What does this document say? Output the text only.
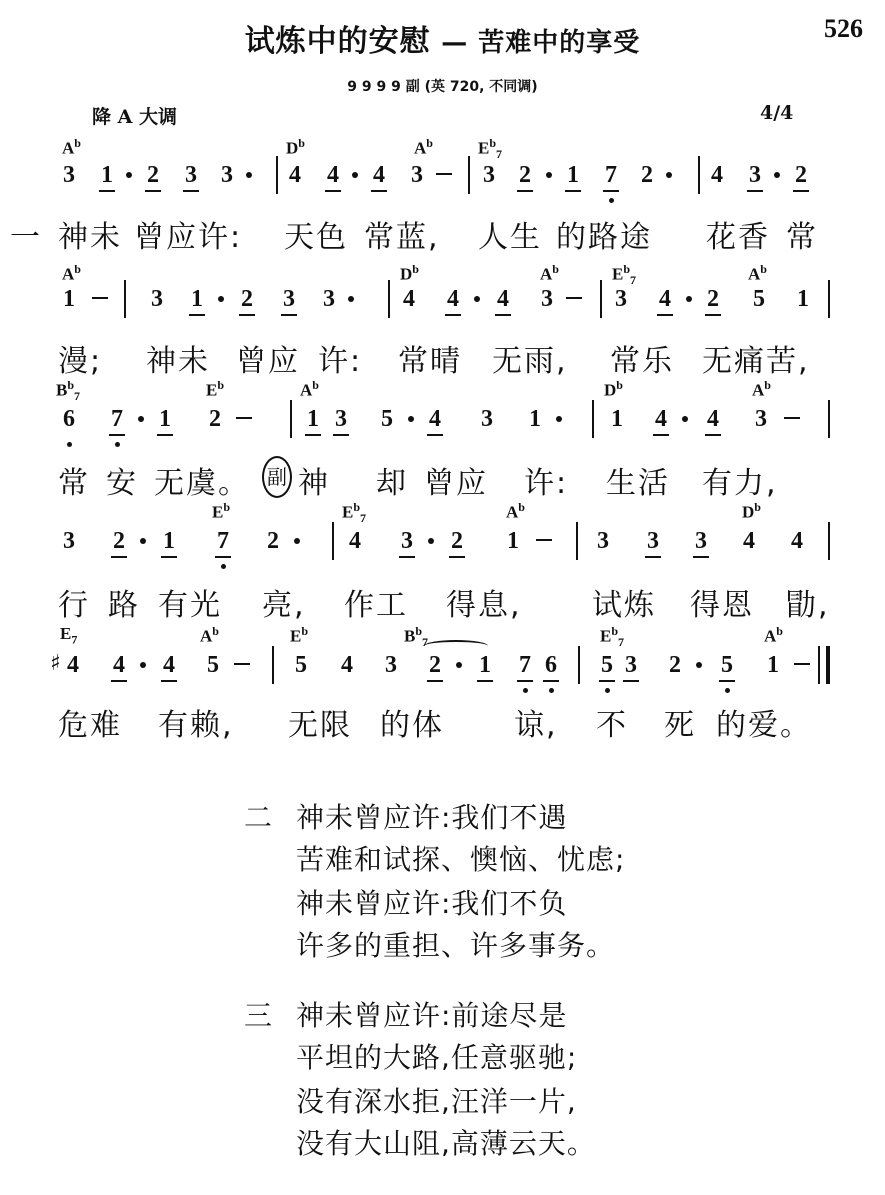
试炼中的安慰 — 苦难中的享受	526
9 9 9 9 副 (英 720, 不同调)
降 A 大调	4/4
$A^b$	$D^b$	$A^b$	$E^b_7$
3 1 2 3 3 4 4 4 3	3 2 1 7 2 4 3 2
一 神未 曾应许: 天色 常蓝, 人生 的路途 花香 常
$A^b$	$D^b$	$A^b$	$E^b_7$	$A^b$
1	3 1 2 3 3	4 4 4 3	3 4 2 5 1
漫; 神未 曾应 许: 常晴 无雨, 常乐 无痛苦,
$B^b_7$	$E^b$	$A^b$	$D^b$	$A^b$
6 7 1 2	1 3 5 4 3 1	1 4 4 3
常 安 无虞。 副 神 却 曾应 许: 生活 有力,
$E^b$	$E^b_7$	$A^b$	$D^b$
3 2 1 7 2	4 3 2 1	3 3 3 4 4
行 路 有光 亮, 作工 得息, 试炼 得恩 勖,
$E_7$	$A^b$	$E^b$	$B^b_7$	$E^b_7$	$A^b$
♯ 4 4 4 5	5 4 3 2 1 7 6 5 3 2 5 1
危难 有赖, 无限 的体 谅, 不 死 的爱。
二 神未曾应许:我们不遇
苦难和试探、懊恼、忧虑;
神未曾应许:我们不负
许多的重担、许多事务。
三 神未曾应许:前途尽是
平坦的大路,任意驱驰;
没有深水拒,汪洋一片,
没有大山阻,高薄云天。
